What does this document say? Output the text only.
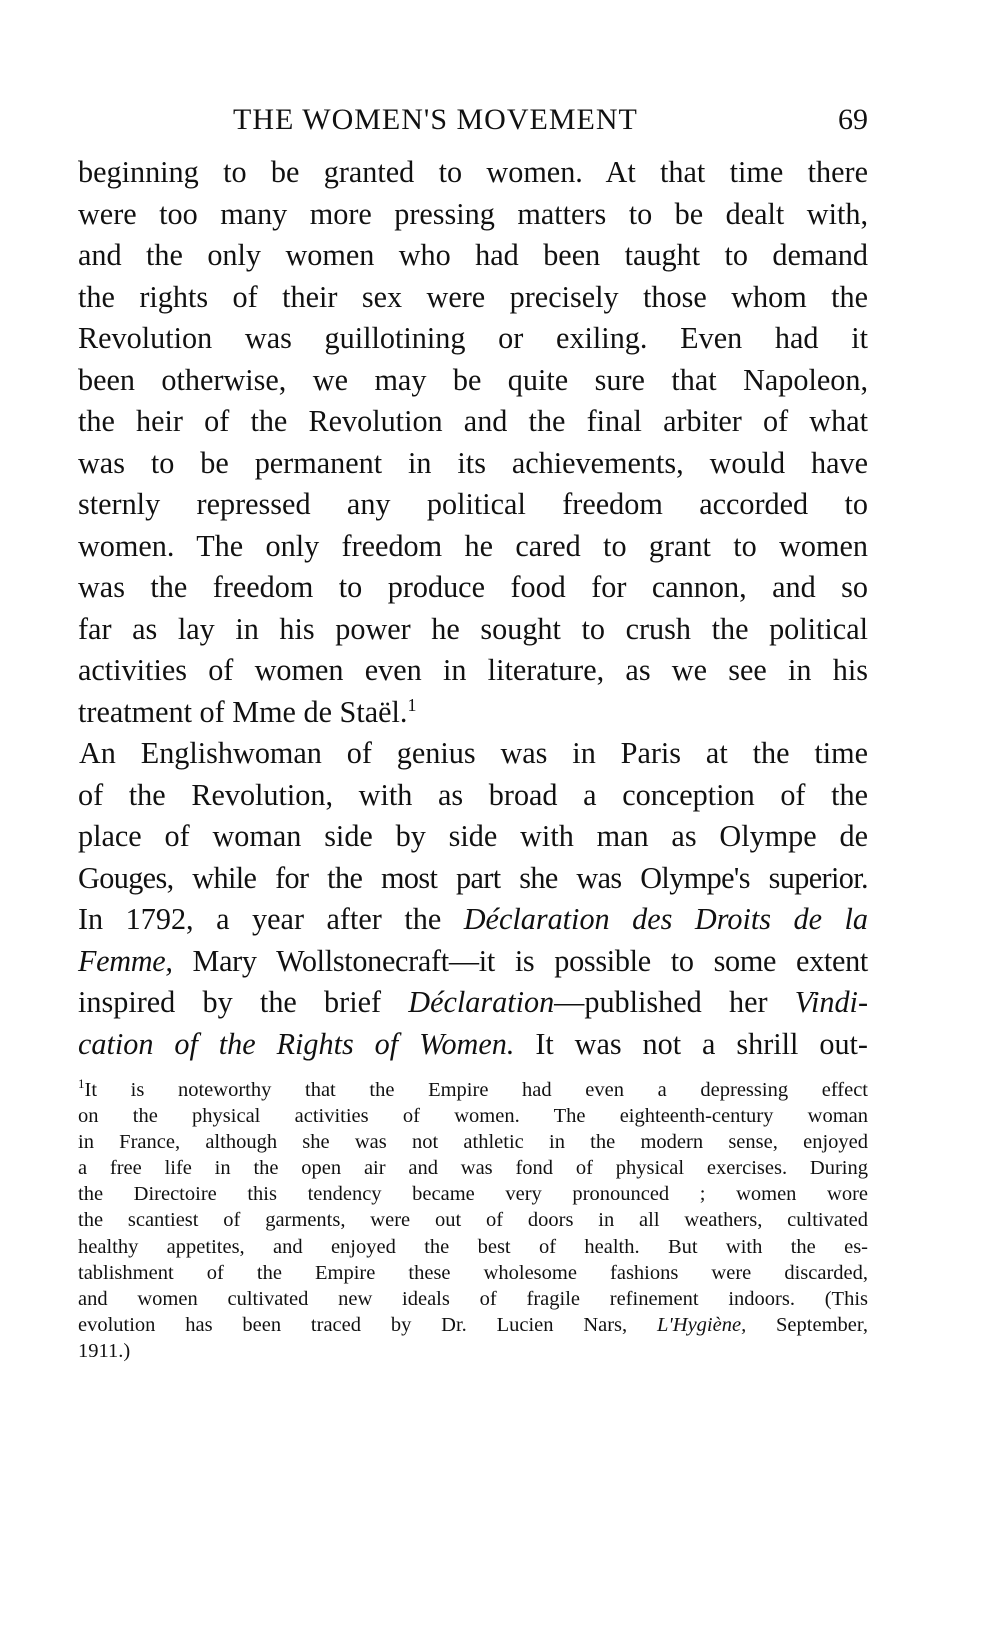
THE WOMEN'S MOVEMENT	69
beginning to be granted to women. At that time there
were too many more pressing matters to be dealt with,
and the only women who had been taught to demand
the rights of their sex were precisely those whom the
Revolution was guillotining or exiling. Even had it
been otherwise, we may be quite sure that Napoleon,
the heir of the Revolution and the final arbiter of what
was to be permanent in its achievements, would have
sternly repressed any political freedom accorded to
women. The only freedom he cared to grant to women
was the freedom to produce food for cannon, and so
far as lay in his power he sought to crush the political
activities of women even in literature, as we see in his
treatment of Mme de Staël.$^1$
An Englishwoman of genius was in Paris at the time
of the Revolution, with as broad a conception of the
place of woman side by side with man as Olympe de
Gouges, while for the most part she was Olympe's superior.
In 1792, a year after the Déclaration des Droits de la
Femme, Mary Wollstonecraft—it is possible to some extent
inspired by the brief Déclaration—published her Vindi-
cation of the Rights of Women. It was not a shrill out-
$^1$It is noteworthy that the Empire had even a depressing effect
on the physical activities of women. The eighteenth-century woman
in France, although she was not athletic in the modern sense, enjoyed
a free life in the open air and was fond of physical exercises. During
the Directoire this tendency became very pronounced ; women wore
the scantiest of garments, were out of doors in all weathers, cultivated
healthy appetites, and enjoyed the best of health. But with the es-
tablishment of the Empire these wholesome fashions were discarded,
and women cultivated new ideals of fragile refinement indoors. (This
evolution has been traced by Dr. Lucien Nars, L'Hygiène, September,
1911.)
